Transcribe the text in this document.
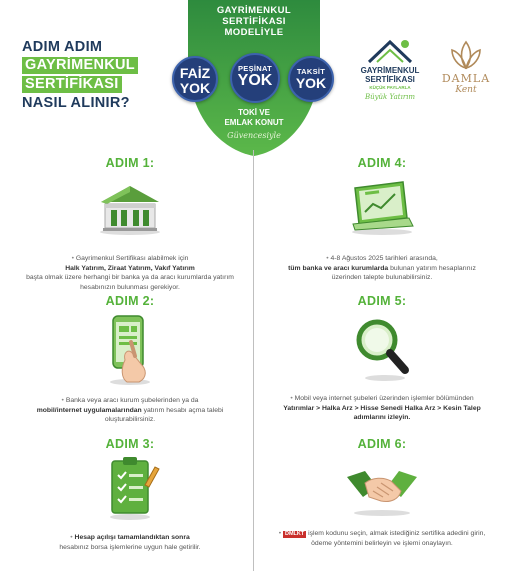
ADIM ADIM
GAYRİMENKUL
SERTİFİKASI
NASIL ALINIR?
GAYRİMENKUL
SERTİFİKASI
MODELİYLE
FAİZ
YOK
PEŞİNAT
YOK
TAKSİT
YOK
TOKİ VE
EMLAK KONUT
Güvencesiyle
GAYRİMENKUL
SERTİFİKASI
KÜÇÜK PAYLARLA
Büyük Yatırım
DAMLA
Kent
ADIM 1:
• Gayrimenkul Sertifikası alabilmek için
Halk Yatırım, Ziraat Yatırım, Vakıf Yatırım
başta olmak üzere herhangi bir banka ya da aracı kurumlarda yatırım hesabınızın bulunması gerekiyor.
ADIM 2:
• Banka veya aracı kurum şubelerinden ya da
mobil/internet uygulamalarından yatırım hesabı açma talebi oluşturabilirsiniz.
ADIM 3:
• Hesap açılışı tamamlandıktan sonra
hesabınız borsa işlemlerine uygun hale getirilir.
ADIM 4:
• 4-8 Ağustos 2025 tarihleri arasında,
tüm banka ve aracı kurumlarda bulunan yatırım hesaplarınız üzerinden talepte bulunabilirsiniz.
ADIM 5:
• Mobil veya internet şubeleri üzerinden işlemler bölümünden Yatırımlar > Halka Arz > Hisse Senedi Halka Arz > Kesin Talep
adımlarını izleyin.
ADIM 6:
• DMLKT işlem kodunu seçin, almak istediğiniz sertifika adedini girin, ödeme yöntemini belirleyin ve işlemi onaylayın.
